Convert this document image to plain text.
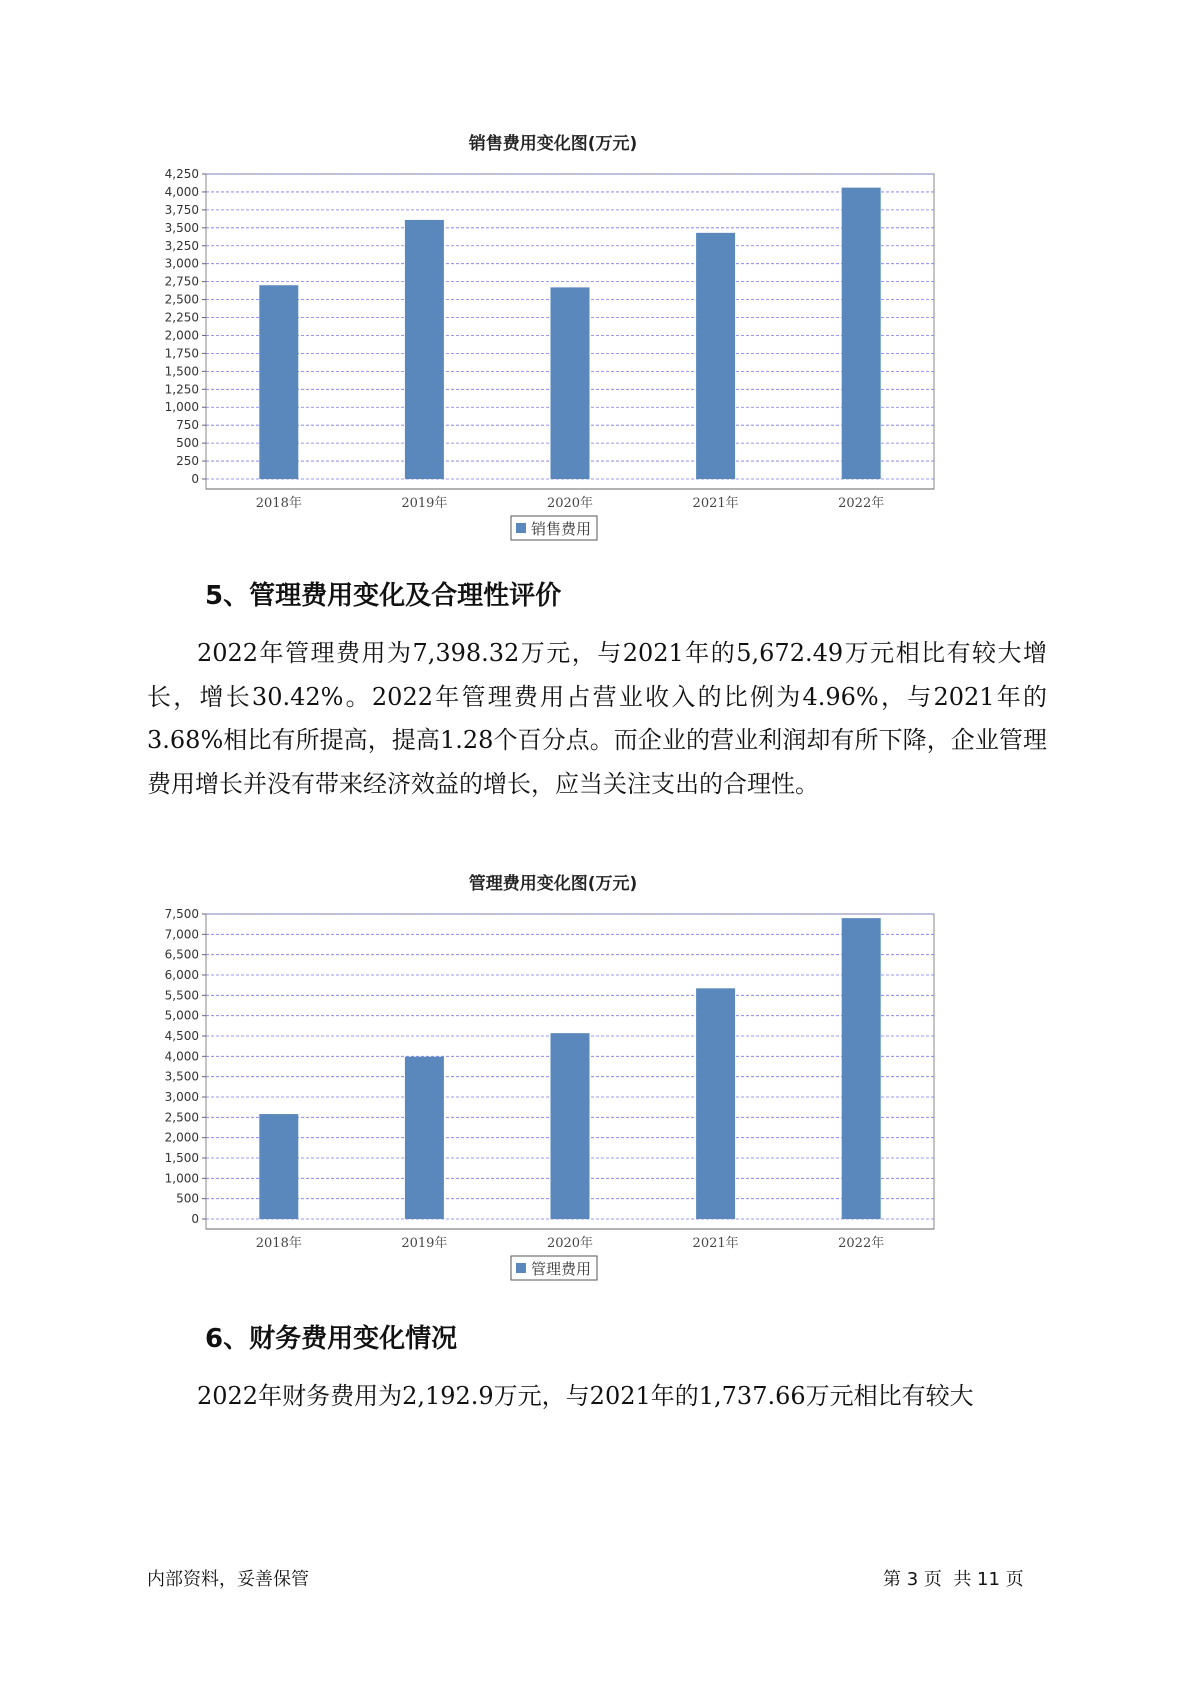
销售费用变化图(万元)
0
250
500
750
1,000
1,250
1,500
1,750
2,000
2,250
2,500
2,750
3,000
3,250
3,500
3,750
4,000
4,250
2018年	2019年	2020年	2021年	2022年
销售费用
5、管理费用变化及合理性评价

2022年管理费用为7,398.32万元，与2021年的5,672.49万元相比有较大增长，增长30.42%。2022年管理费用占营业收入的比例为4.96%，与2021年的3.68%相比有所提高，提高1.28个百分点。而企业的营业利润却有所下降，企业管理费用增长并没有带来经济效益的增长，应当关注支出的合理性。

管理费用变化图(万元)
0
500
1,000
1,500
2,000
2,500
3,000
3,500
4,000
4,500
5,000
5,500
6,000
6,500
7,000
7,500
2018年	2019年	2020年	2021年	2022年
管理费用
6、财务费用变化情况

2022年财务费用为2,192.9万元，与2021年的1,737.66万元相比有较大

内部资料，妥善保管	第 3 页  共 11 页
